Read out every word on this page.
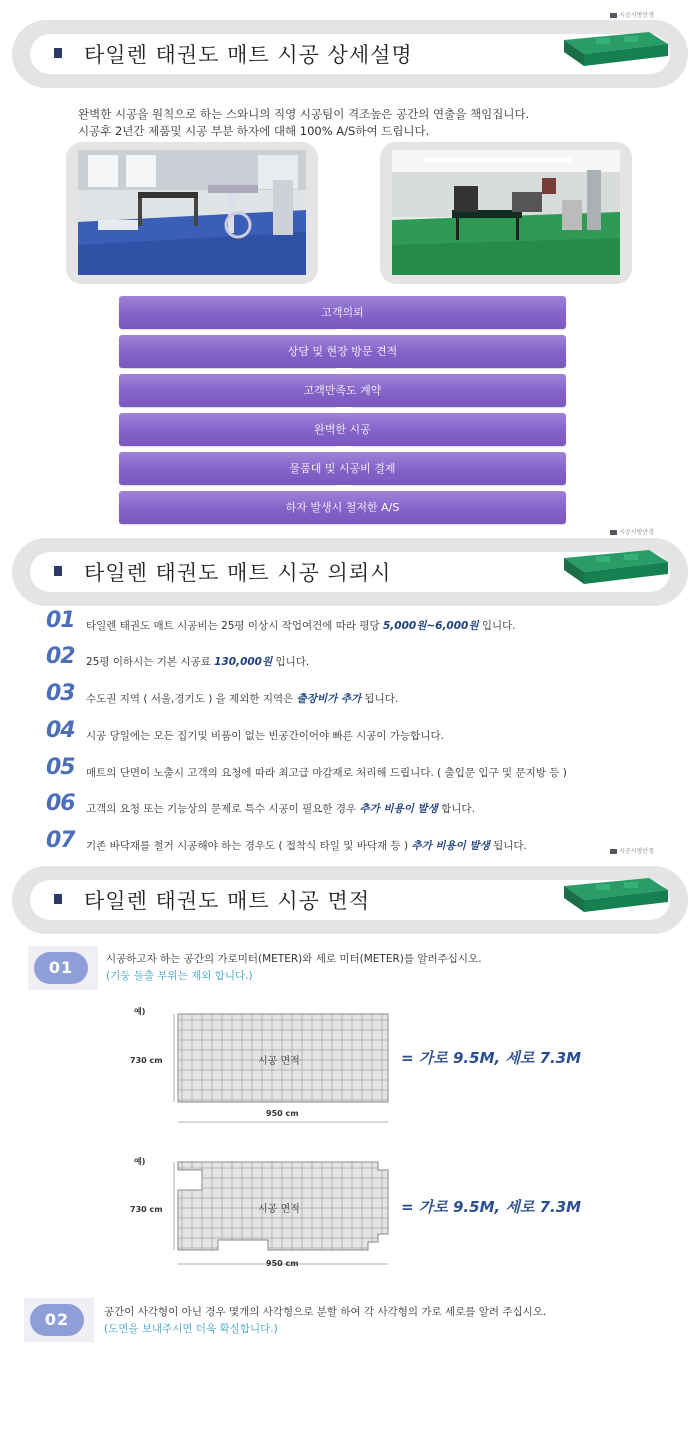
시공시방안경
타일렌 태권도 매트 시공 상세설명
완벽한 시공을 원칙으로 하는 스와니의 직영 시공팀이 격조높은 공간의 연출을 책임집니다.
시공후 2년간 제품및 시공 부분 하자에 대해 100% A/S하여 드립니다.
고객의뢰
상담 및 현장 방문 견적
고객만족도 계약
완벽한 시공
물품대 및 시공비 결제
하자 발생시 철저한 A/S
시공시방안경
타일렌 태권도 매트 시공 의뢰시
01 타일렌 태권도 매트 시공비는 25평 이상시 작업여건에 따라 평당 5,000원~6,000원 입니다.
02 25평 이하시는 기본 시공료 130,000원 입니다.
03 수도권 지역 ( 서울,경기도 ) 을 제외한 지역은 출장비가 추가 됩니다.
04 시공 당일에는 모든 집기및 비품이 없는 빈공간이어야 빠른 시공이 가능합니다.
05 매트의 단면이 노출시 고객의 요청에 따라 최고급 마감재로 처리해 드립니다. ( 출입문 입구 및 문지방 등 )
06 고객의 요청 또는 기능상의 문제로 특수 시공이 필요한 경우 추가 비용이 발생 합니다.
07 기존 바닥재를 철거 시공해야 하는 경우도 ( 접착식 타일 및 바닥재 등 ) 추가 비용이 발생 됩니다.	시공시방안경
타일렌 태권도 매트 시공 면적
01	시공하고자 하는 공간의 가로미터(METER)와 세로 미터(METER)를 알려주십시오.
(기둥 돌출 부위는 제외 합니다.)
예)
730 cm	시공 면적
950 cm
= 가로 9.5M, 세로 7.3M
예)
730 cm	시공 면적
950 cm
= 가로 9.5M, 세로 7.3M
02	공간이 사각형이 아닌 경우 몇개의 사각형으로 분할 하여 각 사각형의 가로 세로를 알려 주십시오.
(도면을 보내주시면 더욱 확실합니다.)
